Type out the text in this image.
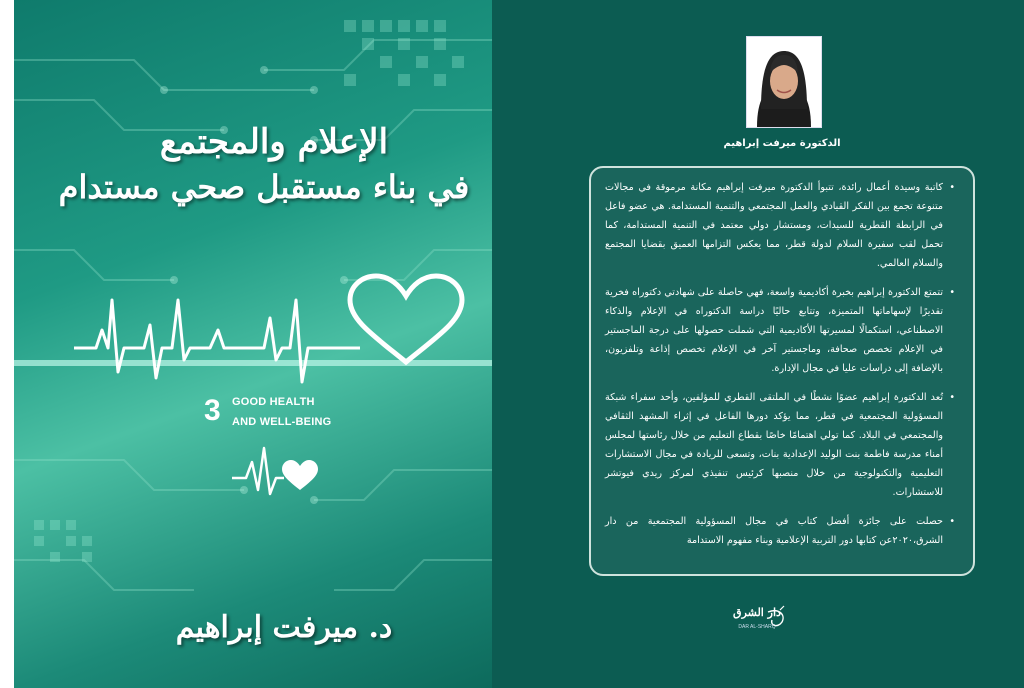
الإعلام والمجتمع
في بناء مستقبل صحي مستدام
3 GOOD HEALTH
AND WELL-BEING
د. ميرفت إبراهيم
الدكتورة ميرفت إبراهيم
• كاتبة وسيدة أعمال رائدة، تتبوأ الدكتورة ميرفت إبراهيم مكانة مرموقة في مجالات متنوعة تجمع بين الفكر القيادي والعمل المجتمعي والتنمية المستدامة. هي عضو فاعل في الرابطة القطرية للسيدات، ومستشار دولي معتمد في التنمية المستدامة، كما تحمل لقب سفيرة السلام لدولة قطر، مما يعكس التزامها العميق بقضايا المجتمع والسلام العالمي.
• تتمتع الدكتورة إبراهيم بخبرة أكاديمية واسعة، فهي حاصلة على شهادتي دكتوراه فخرية تقديرًا لإسهاماتها المتميزة، وتتابع حاليًا دراسة الدكتوراه في الإعلام والذكاء الاصطناعي، استكمالًا لمسيرتها الأكاديمية التي شملت حصولها على درجة الماجستير في الإعلام تخصص صحافة، وماجستير آخر في الإعلام تخصص إذاعة وتلفزيون، بالإضافة إلى دراسات عليا في مجال الإدارة.
• تُعد الدكتورة إبراهيم عضوًا نشطًا في الملتقى القطري للمؤلفين، وأحد سفراء شبكة المسؤولية المجتمعية في قطر، مما يؤكد دورها الفاعل في إثراء المشهد الثقافي والمجتمعي في البلاد. كما تولي اهتمامًا خاصًا بقطاع التعليم من خلال رئاستها لمجلس أمناء مدرسة فاطمة بنت الوليد الإعدادية بنات، وتسعى للريادة في مجال الاستشارات التعليمية والتكنولوجية من خلال منصبها كرئيس تنفيذي لمركز ريدي فيوتشر للاستشارات.
• حصلت على جائزة أفضل كتاب في مجال المسؤولية المجتمعية من دار الشرق،٢٠٢٠عن كتابها دور التربية الإعلامية وبناء مفهوم الاستدامة
دار الشرق
DAR AL-SHARQ
